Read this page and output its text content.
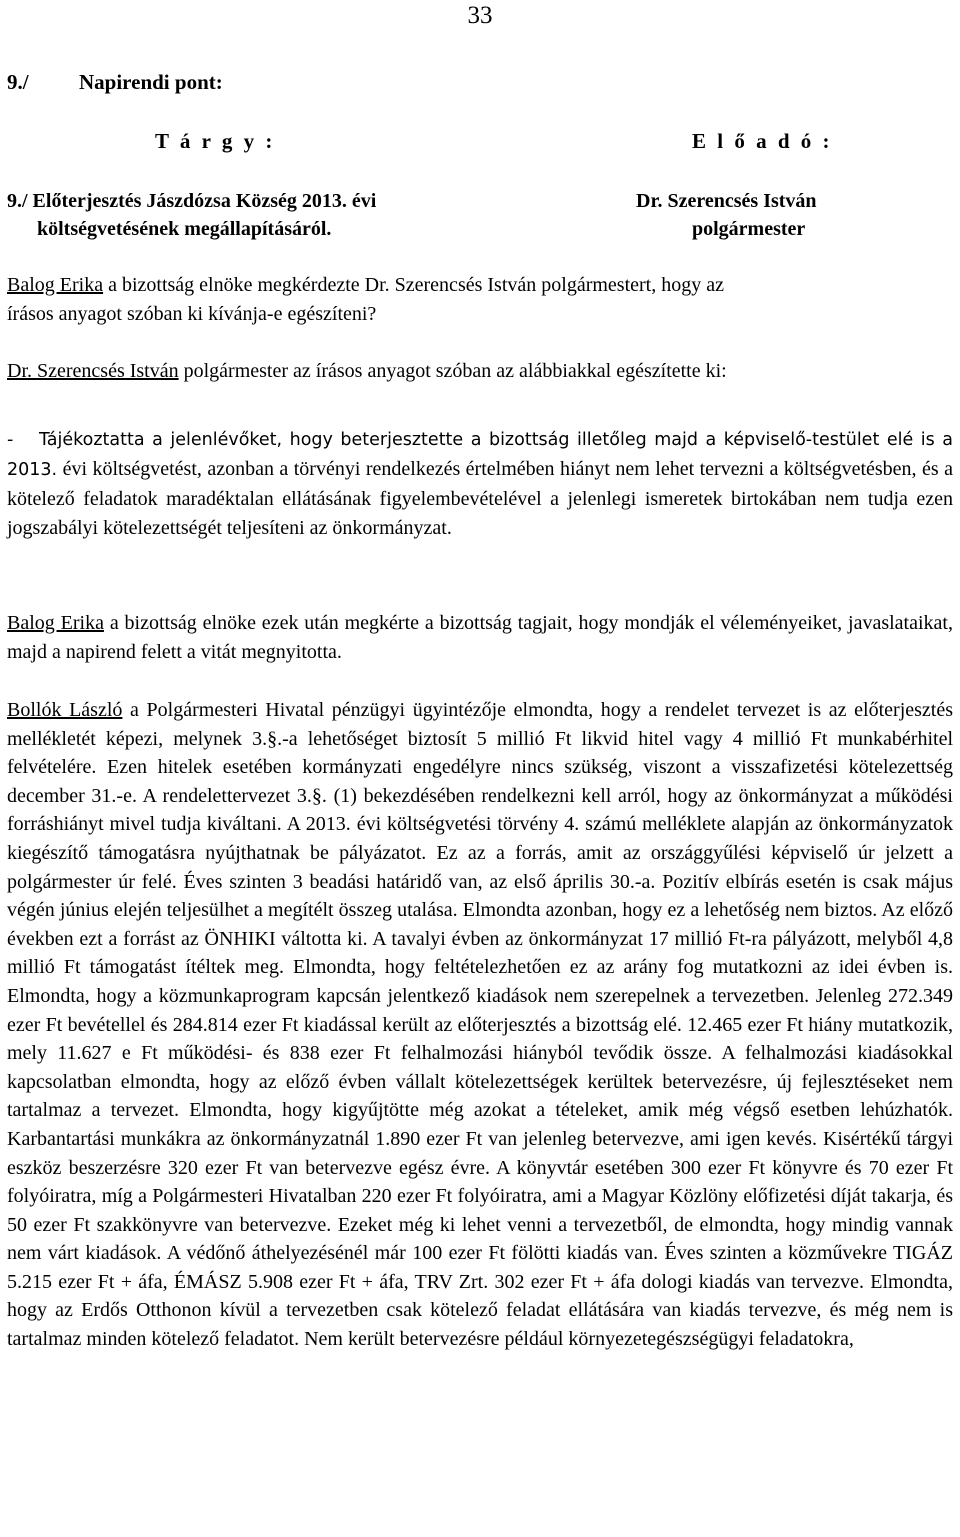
33
9./ Napirendi pont:
T á r g y :	E l ő a d ó :
9./ Előterjesztés Jászdózsa Község 2013. évi
költségvetésének megállapításáról.
Dr. Szerencsés István
polgármester
Balog Erika a bizottság elnöke megkérdezte Dr. Szerencsés István polgármestert, hogy az
írásos anyagot szóban ki kívánja-e egészíteni?
Dr. Szerencsés István polgármester az írásos anyagot szóban az alábbiakkal egészítette ki:
- Tájékoztatta a jelenlévőket, hogy beterjesztette a bizottság illetőleg majd a képviselő-testület elé is a 2013. évi költségvetést, azonban a törvényi rendelkezés értelmében hiányt nem lehet tervezni a költségvetésben, és a kötelező feladatok maradéktalan ellátásának figyelembevételével a jelenlegi ismeretek birtokában nem tudja ezen jogszabályi kötelezettségét teljesíteni az önkormányzat.
Balog Erika a bizottság elnöke ezek után megkérte a bizottság tagjait, hogy mondják el véleményeiket, javaslataikat, majd a napirend felett a vitát megnyitotta.
Bollók László a Polgármesteri Hivatal pénzügyi ügyintézője elmondta, hogy a rendelet tervezet is az előterjesztés mellékletét képezi, melynek 3.§.-a lehetőséget biztosít 5 millió Ft likvid hitel vagy 4 millió Ft munkabérhitel felvételére. Ezen hitelek esetében kormányzati engedélyre nincs szükség, viszont a visszafizetési kötelezettség december 31.-e. A rendelettervezet 3.§. (1) bekezdésében rendelkezni kell arról, hogy az önkormányzat a működési forráshiányt mivel tudja kiváltani. A 2013. évi költségvetési törvény 4. számú melléklete alapján az önkormányzatok kiegészítő támogatásra nyújthatnak be pályázatot. Ez az a forrás, amit az országgyűlési képviselő úr jelzett a polgármester úr felé. Éves szinten 3 beadási határidő van, az első április 30.-a. Pozitív elbírás esetén is csak május végén június elején teljesülhet a megítélt összeg utalása. Elmondta azonban, hogy ez a lehetőség nem biztos. Az előző években ezt a forrást az ÖNHIKI váltotta ki. A tavalyi évben az önkormányzat 17 millió Ft-ra pályázott, melyből 4,8 millió Ft támogatást ítéltek meg. Elmondta, hogy feltételezhetően ez az arány fog mutatkozni az idei évben is. Elmondta, hogy a közmunkaprogram kapcsán jelentkező kiadások nem szerepelnek a tervezetben. Jelenleg 272.349 ezer Ft bevétellel és 284.814 ezer Ft kiadással került az előterjesztés a bizottság elé. 12.465 ezer Ft hiány mutatkozik, mely 11.627 e Ft működési- és 838 ezer Ft felhalmozási hiányból tevődik össze. A felhalmozási kiadásokkal kapcsolatban elmondta, hogy az előző évben vállalt kötelezettségek kerültek betervezésre, új fejlesztéseket nem tartalmaz a tervezet. Elmondta, hogy kigyűjtötte még azokat a tételeket, amik még végső esetben lehúzhatók. Karbantartási munkákra az önkormányzatnál 1.890 ezer Ft van jelenleg betervezve, ami igen kevés. Kisértékű tárgyi eszköz beszerzésre 320 ezer Ft van betervezve egész évre. A könyvtár esetében 300 ezer Ft könyvre és 70 ezer Ft folyóiratra, míg a Polgármesteri Hivatalban 220 ezer Ft folyóiratra, ami a Magyar Közlöny előfizetési díját takarja, és 50 ezer Ft szakkönyvre van betervezve. Ezeket még ki lehet venni a tervezetből, de elmondta, hogy mindig vannak nem várt kiadások. A védőnő áthelyezésénél már 100 ezer Ft fölötti kiadás van. Éves szinten a közművekre TIGÁZ 5.215 ezer Ft + áfa, ÉMÁSZ 5.908 ezer Ft + áfa, TRV Zrt. 302 ezer Ft + áfa dologi kiadás van tervezve. Elmondta, hogy az Erdős Otthonon kívül a tervezetben csak kötelező feladat ellátására van kiadás tervezve, és még nem is tartalmaz minden kötelező feladatot. Nem került betervezésre például környezetegészségügyi feladatokra,
